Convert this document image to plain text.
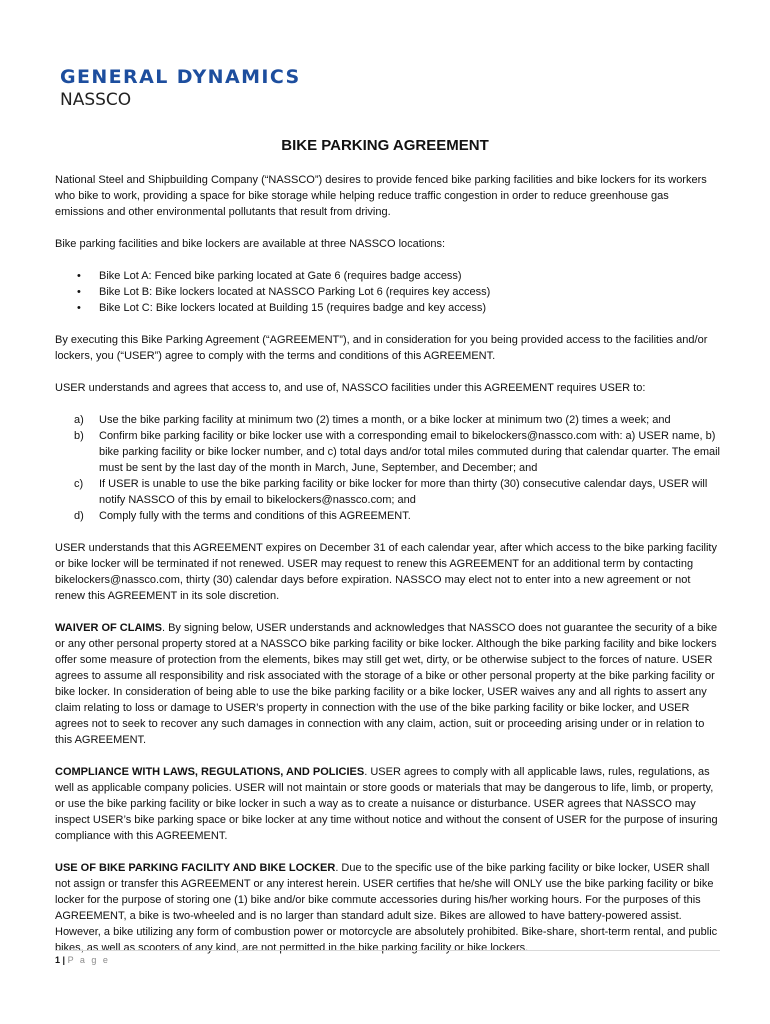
GENERAL DYNAMICS
NASSCO
BIKE PARKING AGREEMENT

National Steel and Shipbuilding Company (“NASSCO”) desires to provide fenced bike parking facilities and bike lockers for its workers who bike to work, providing a space for bike storage while helping reduce traffic congestion in order to reduce greenhouse gas emissions and other environmental pollutants that result from driving.

Bike parking facilities and bike lockers are available at three NASSCO locations:

• Bike Lot A: Fenced bike parking located at Gate 6 (requires badge access)
• Bike Lot B: Bike lockers located at NASSCO Parking Lot 6 (requires key access)
• Bike Lot C: Bike lockers located at Building 15 (requires badge and key access)

By executing this Bike Parking Agreement (“AGREEMENT”), and in consideration for you being provided access to the facilities and/or lockers, you (“USER”) agree to comply with the terms and conditions of this AGREEMENT.

USER understands and agrees that access to, and use of, NASSCO facilities under this AGREEMENT requires USER to:

a) Use the bike parking facility at minimum two (2) times a month, or a bike locker at minimum two (2) times a week; and
b) Confirm bike parking facility or bike locker use with a corresponding email to bikelockers@nassco.com with: a) USER name, b) bike parking facility or bike locker number, and c) total days and/or total miles commuted during that calendar quarter. The email must be sent by the last day of the month in March, June, September, and December; and
c) If USER is unable to use the bike parking facility or bike locker for more than thirty (30) consecutive calendar days, USER will notify NASSCO of this by email to bikelockers@nassco.com; and
d) Comply fully with the terms and conditions of this AGREEMENT.

USER understands that this AGREEMENT expires on December 31 of each calendar year, after which access to the bike parking facility or bike locker will be terminated if not renewed. USER may request to renew this AGREEMENT for an additional term by contacting bikelockers@nassco.com, thirty (30) calendar days before expiration. NASSCO may elect not to enter into a new agreement or not renew this AGREEMENT in its sole discretion.

WAIVER OF CLAIMS. By signing below, USER understands and acknowledges that NASSCO does not guarantee the security of a bike or any other personal property stored at a NASSCO bike parking facility or bike locker. Although the bike parking facility and bike lockers offer some measure of protection from the elements, bikes may still get wet, dirty, or be otherwise subject to the forces of nature. USER agrees to assume all responsibility and risk associated with the storage of a bike or other personal property at the bike parking facility or bike locker. In consideration of being able to use the bike parking facility or a bike locker, USER waives any and all rights to assert any claim relating to loss or damage to USER’s property in connection with the use of the bike parking facility or bike locker, and USER agrees not to seek to recover any such damages in connection with any claim, action, suit or proceeding arising under or in relation to this AGREEMENT.

COMPLIANCE WITH LAWS, REGULATIONS, AND POLICIES. USER agrees to comply with all applicable laws, rules, regulations, as well as applicable company policies. USER will not maintain or store goods or materials that may be dangerous to life, limb, or property, or use the bike parking facility or bike locker in such a way as to create a nuisance or disturbance. USER agrees that NASSCO may inspect USER’s bike parking space or bike locker at any time without notice and without the consent of USER for the purpose of insuring compliance with this AGREEMENT.

USE OF BIKE PARKING FACILITY AND BIKE LOCKER. Due to the specific use of the bike parking facility or bike locker, USER shall not assign or transfer this AGREEMENT or any interest herein. USER certifies that he/she will ONLY use the bike parking facility or bike locker for the purpose of storing one (1) bike and/or bike commute accessories during his/her working hours. For the purposes of this AGREEMENT, a bike is two-wheeled and is no larger than standard adult size. Bikes are allowed to have battery-powered assist. However, a bike utilizing any form of combustion power or motorcycle are absolutely prohibited. Bike-share, short-term rental, and public bikes, as well as scooters of any kind, are not permitted in the bike parking facility or bike lockers.

1 | P a g e
